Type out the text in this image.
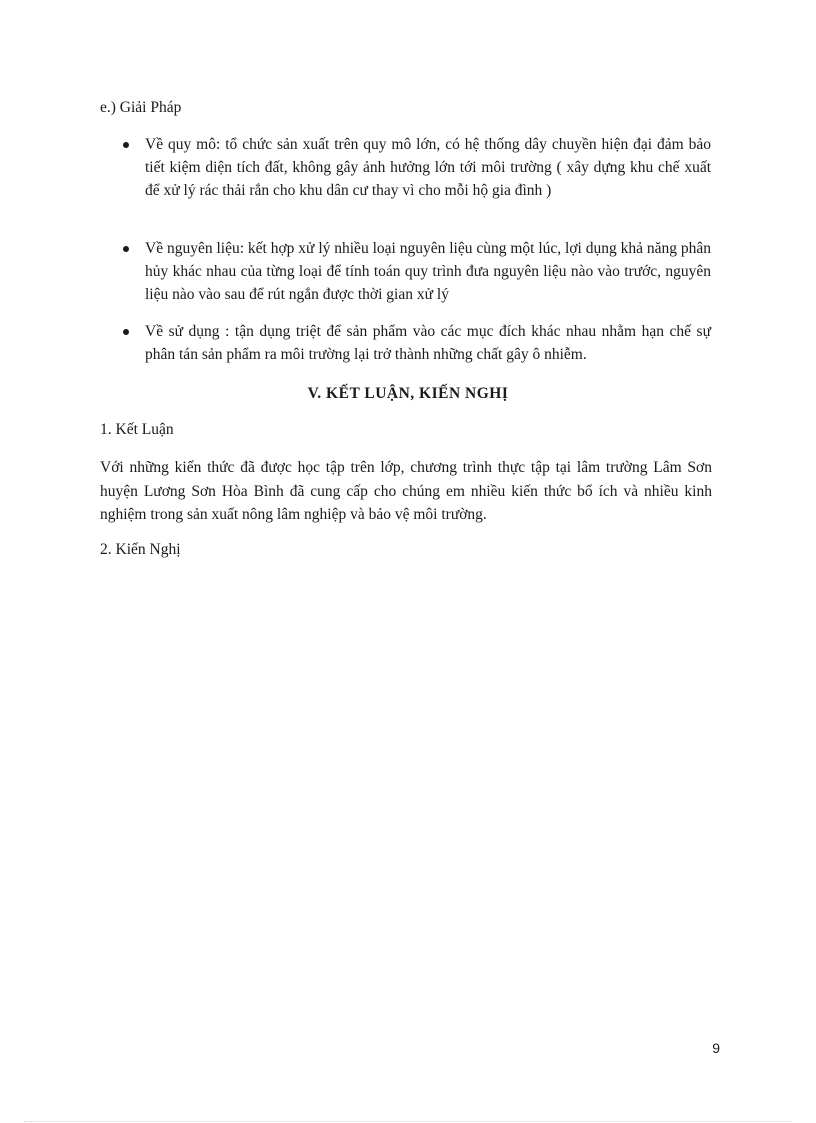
e.) Giải Pháp
Về quy mô: tổ chức sản xuất trên quy mô lớn, có hệ thống dây chuyền hiện đại đảm bảo tiết kiệm diện tích đất, không gây ảnh hưởng lớn tới môi trường ( xây dựng khu chế xuất để xử lý rác thải rắn cho khu dân cư thay vì cho mỗi hộ gia đình )
Về nguyên liệu: kết hợp xử lý nhiều loại nguyên liệu cùng một lúc, lợi dụng khả năng phân hủy khác nhau của từng loại để tính toán quy trình đưa nguyên liệu nào vào trước, nguyên liệu nào vào sau để rút ngắn được thời gian xử lý
Về sử dụng : tận dụng triệt để sản phẩm vào các mục đích khác nhau nhằm hạn chế sự phân tán sản phẩm ra môi trường lại trở thành những chất gây ô nhiễm.
V. KẾT LUẬN, KIẾN NGHỊ
1. Kết Luận
Với những kiến thức đã được học tập trên lớp, chương trình thực tập tại lâm trường Lâm Sơn huyện Lương Sơn Hòa Bình đã cung cấp cho chúng em nhiều kiến thức bổ ích và nhiều kinh nghiệm trong sản xuất nông lâm nghiệp và bảo vệ môi trường.
2. Kiến Nghị
9
